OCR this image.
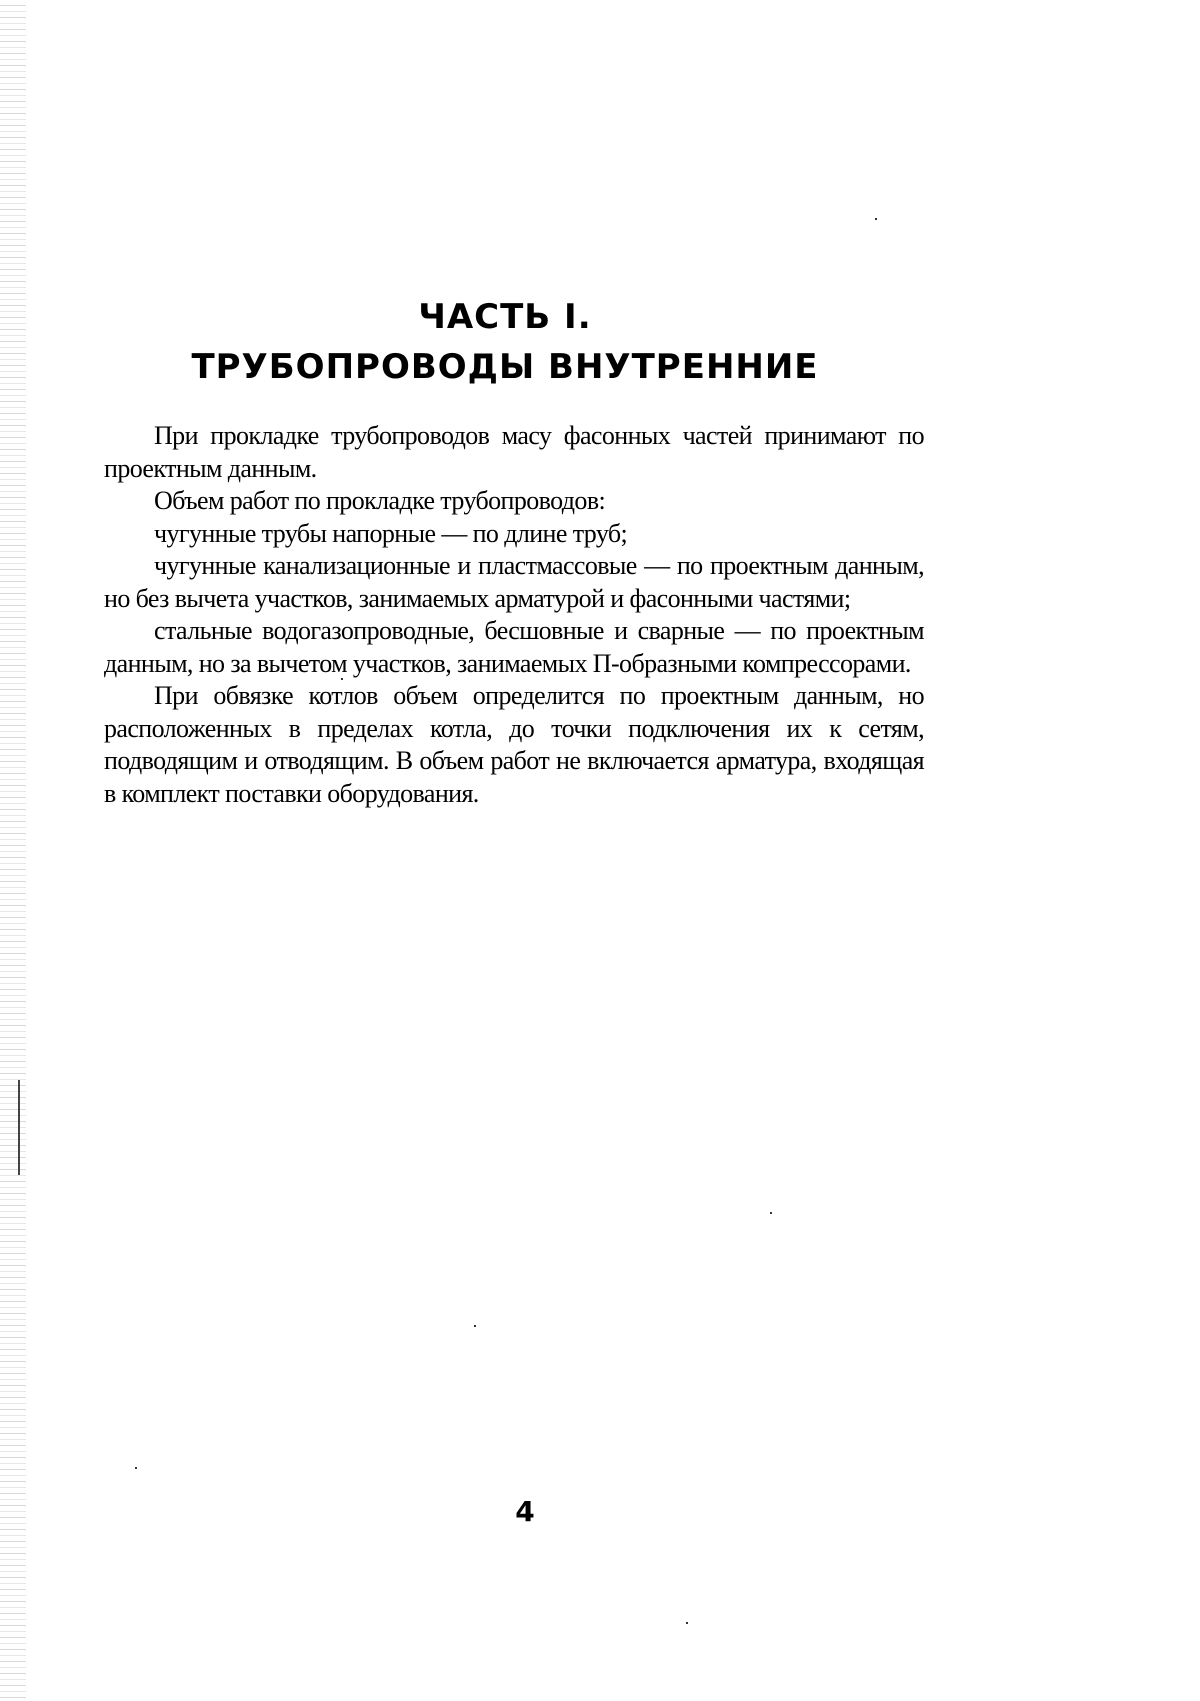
ЧАСТЬ I.
ТРУБОПРОВОДЫ ВНУТРЕННИЕ

При прокладке трубопроводов масу фасонных частей принимают по проектным данным.

Объем работ по прокладке трубопроводов:

чугунные трубы напорные — по длине труб;

чугунные канализационные и пластмассовые — по проектным данным, но без вычета участков, занимаемых арматурой и фасонными частями;

стальные водогазопроводные, бесшовные и сварные — по проектным данным, но за вычетом участков, занимаемых П-образными компрессорами.

При обвязке котлов объем определится по проектным данным, но расположенных в пределах котла, до точки подключения их к сетям, подводящим и отводящим. В объем работ не включается арматура, входящая в комплект поставки оборудования.

4
